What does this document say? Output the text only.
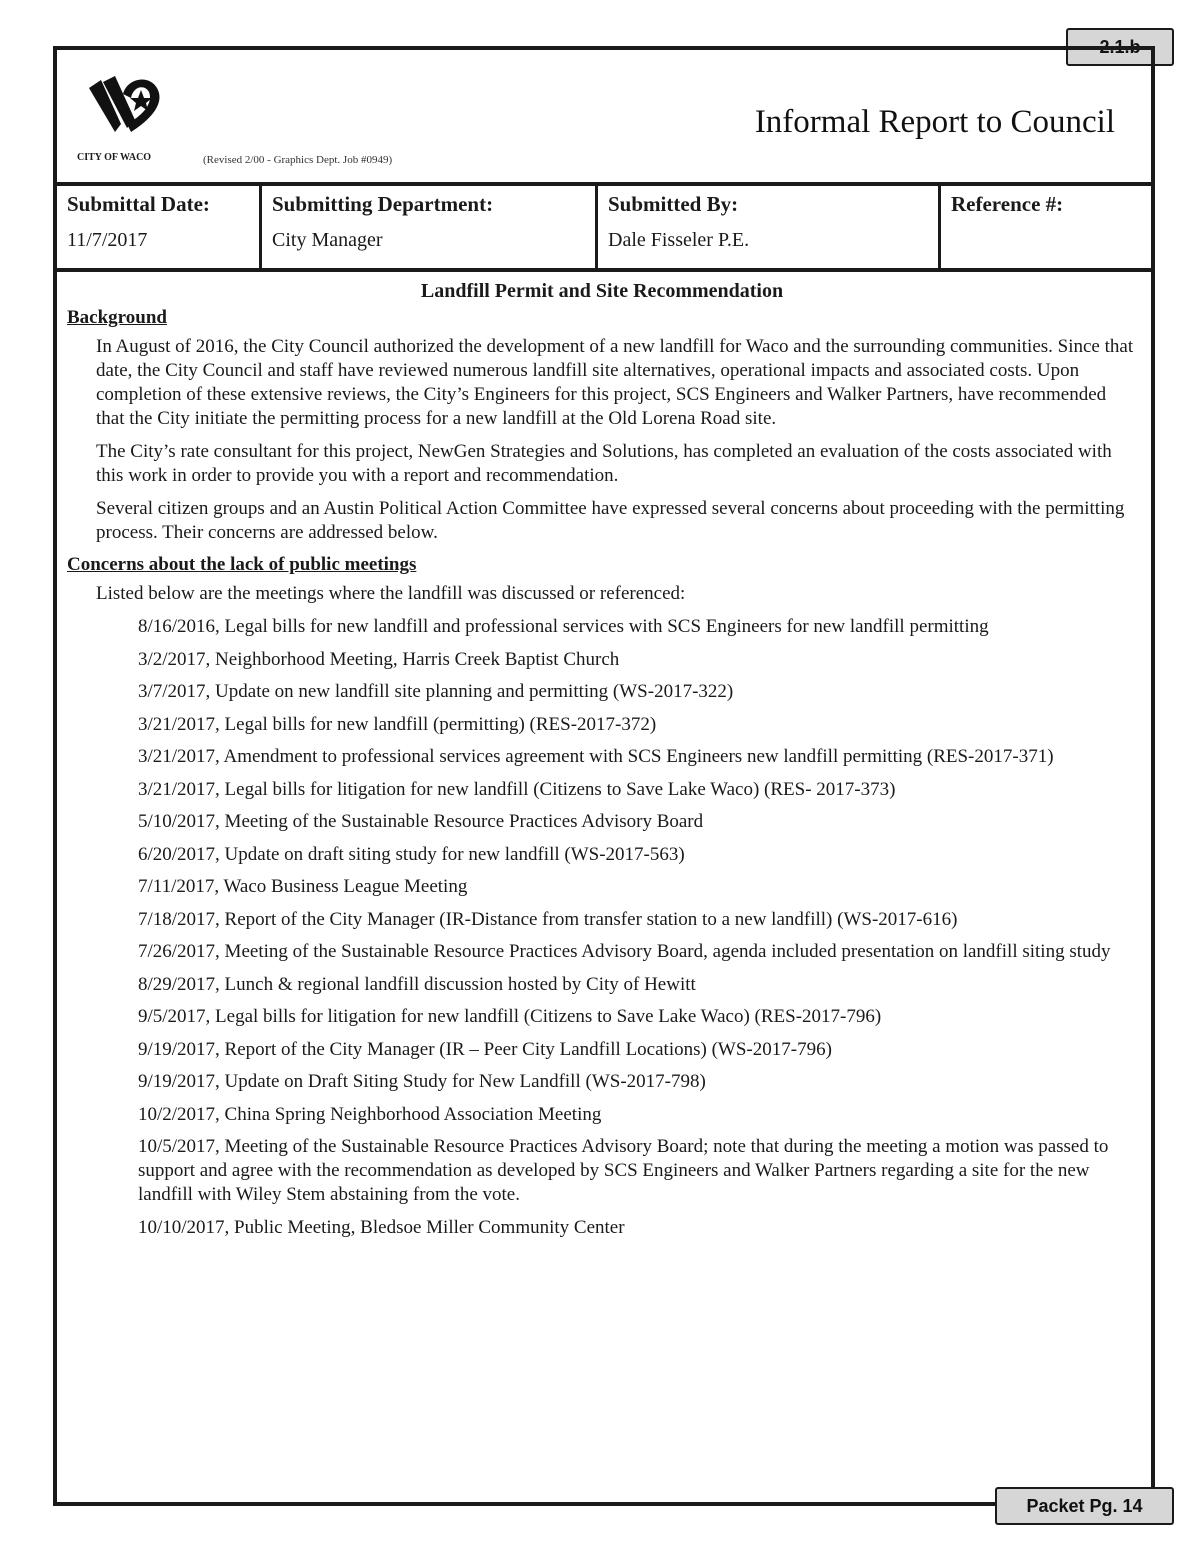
2.1.b
CITY OF WACO	(Revised 2/00 - Graphics Dept. Job #0949)
Informal Report to Council
Submittal Date:
11/7/2017
Submitting Department:
City Manager
Submitted By:
Dale Fisseler P.E.
Reference #:
Landfill Permit and Site Recommendation
Background

In August of 2016, the City Council authorized the development of a new landfill for Waco and the surrounding communities. Since that date, the City Council and staff have reviewed numerous landfill site alternatives, operational impacts and associated costs. Upon completion of these extensive reviews, the City’s Engineers for this project, SCS Engineers and Walker Partners, have recommended that the City initiate the permitting process for a new landfill at the Old Lorena Road site.

The City’s rate consultant for this project, NewGen Strategies and Solutions, has completed an evaluation of the costs associated with this work in order to provide you with a report and recommendation.

Several citizen groups and an Austin Political Action Committee have expressed several concerns about proceeding with the permitting process. Their concerns are addressed below.

Concerns about the lack of public meetings

Listed below are the meetings where the landfill was discussed or referenced:

8/16/2016, Legal bills for new landfill and professional services with SCS Engineers for new landfill permitting
3/2/2017, Neighborhood Meeting, Harris Creek Baptist Church
3/7/2017, Update on new landfill site planning and permitting (WS-2017-322)
3/21/2017, Legal bills for new landfill (permitting) (RES-2017-372)
3/21/2017, Amendment to professional services agreement with SCS Engineers new landfill permitting (RES-2017-371)
3/21/2017, Legal bills for litigation for new landfill (Citizens to Save Lake Waco) (RES- 2017-373)
5/10/2017, Meeting of the Sustainable Resource Practices Advisory Board
6/20/2017, Update on draft siting study for new landfill (WS-2017-563)
7/11/2017, Waco Business League Meeting
7/18/2017, Report of the City Manager (IR-Distance from transfer station to a new landfill) (WS-2017-616)
7/26/2017, Meeting of the Sustainable Resource Practices Advisory Board, agenda included presentation on landfill siting study
8/29/2017, Lunch & regional landfill discussion hosted by City of Hewitt
9/5/2017, Legal bills for litigation for new landfill (Citizens to Save Lake Waco) (RES-2017-796)
9/19/2017, Report of the City Manager (IR – Peer City Landfill Locations) (WS-2017-796)
9/19/2017, Update on Draft Siting Study for New Landfill (WS-2017-798)
10/2/2017, China Spring Neighborhood Association Meeting
10/5/2017, Meeting of the Sustainable Resource Practices Advisory Board; note that during the meeting a motion was passed to support and agree with the recommendation as developed by SCS Engineers and Walker Partners regarding a site for the new landfill with Wiley Stem abstaining from the vote.
10/10/2017, Public Meeting, Bledsoe Miller Community Center
Packet Pg. 14
